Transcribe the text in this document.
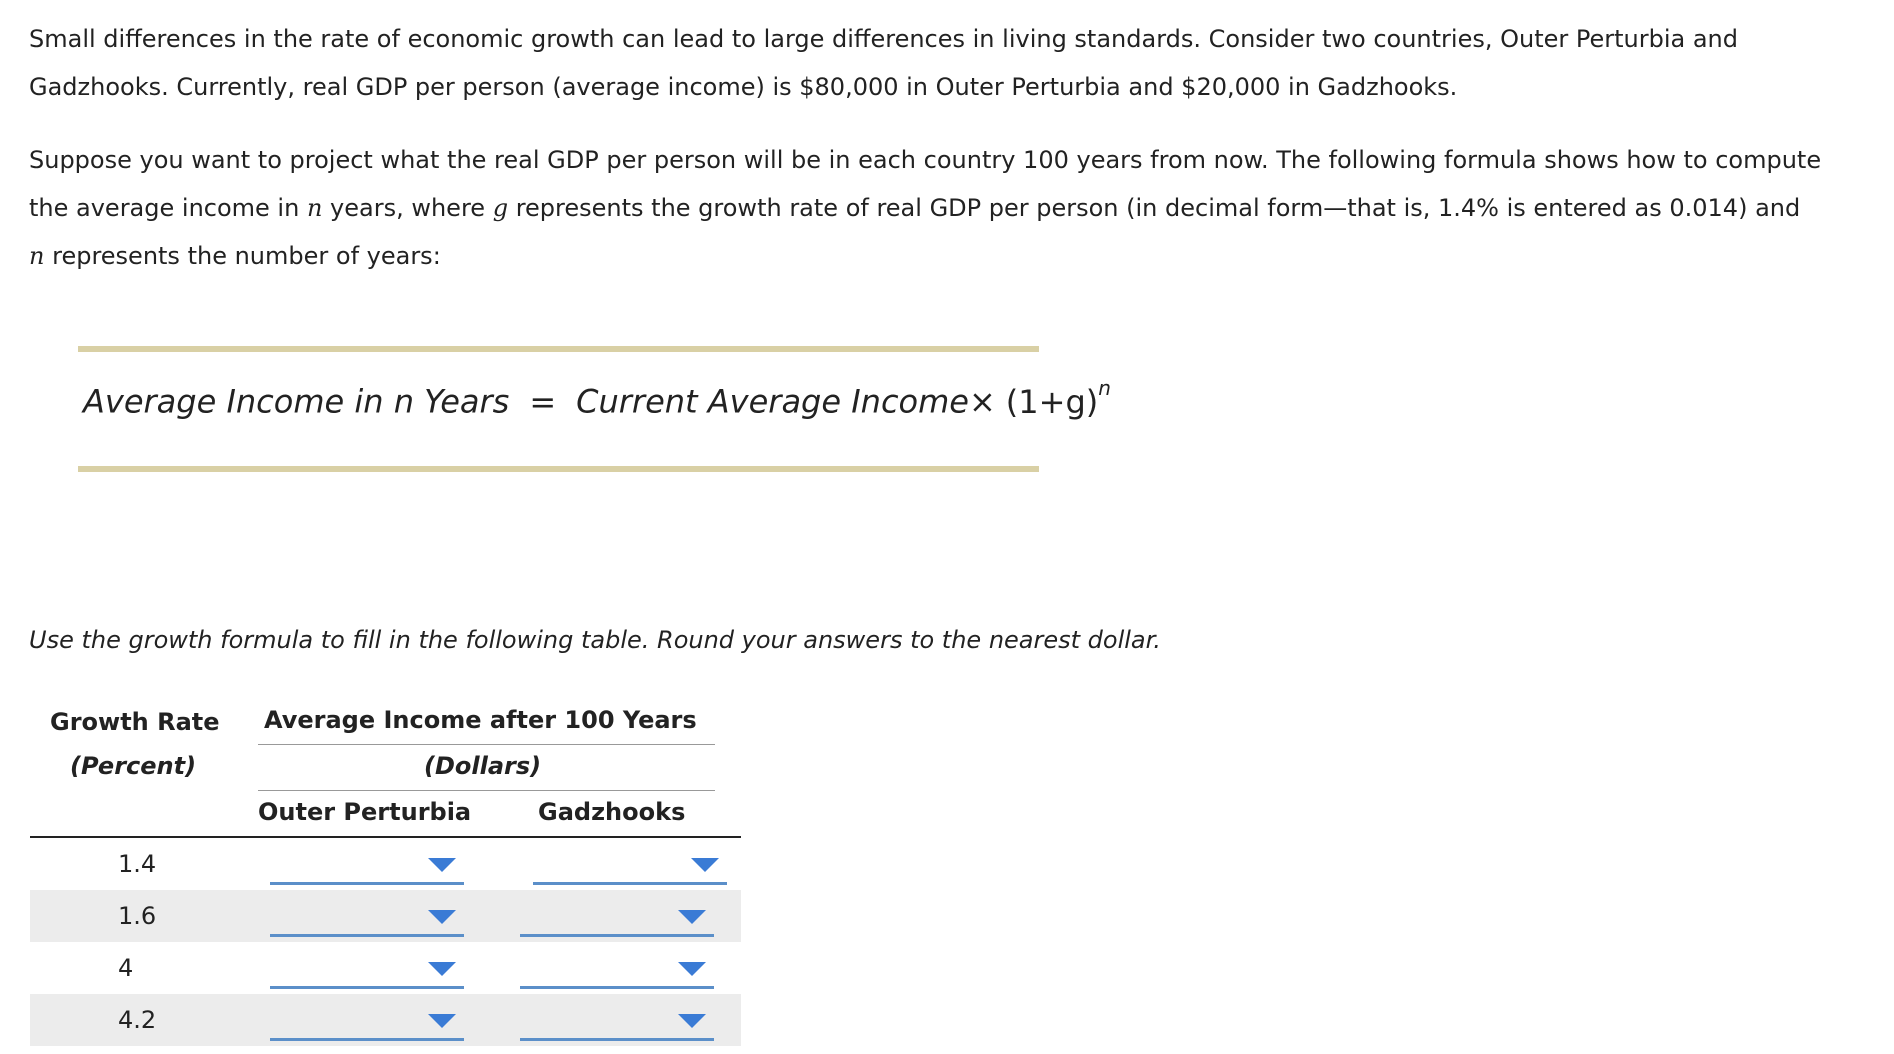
Small differences in the rate of economic growth can lead to large differences in living standards. Consider two countries, Outer Perturbia and
Gadzhooks. Currently, real GDP per person (average income) is $80,000 in Outer Perturbia and $20,000 in Gadzhooks.
Suppose you want to project what the real GDP per person will be in each country 100 years from now. The following formula shows how to compute
the average income in n years, where g represents the growth rate of real GDP per person (in decimal form—that is, 1.4% is entered as 0.014) and
n represents the number of years:
Average Income in n Years = Current Average Income× $(1+g)^n$
Use the growth formula to fill in the following table. Round your answers to the nearest dollar.
Growth Rate
(Percent)
Average Income after 100 Years
(Dollars)
Outer Perturbia	Gadzhooks
1.4
1.6
4
4.2
